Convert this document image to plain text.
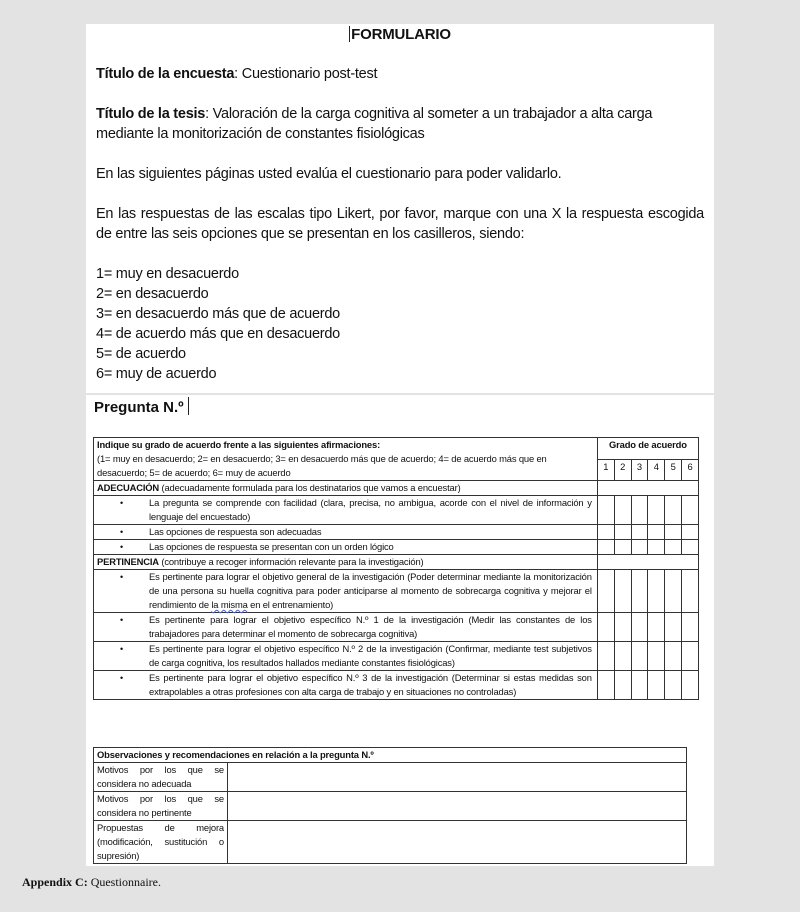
FORMULARIO
Título de la encuesta: Cuestionario post-test
Título de la tesis: Valoración de la carga cognitiva al someter a un trabajador a alta carga mediante la monitorización de constantes fisiológicas
En las siguientes páginas usted evalúa el cuestionario para poder validarlo.
En las respuestas de las escalas tipo Likert, por favor, marque con una X la respuesta escogida de entre las seis opciones que se presentan en los casilleros, siendo:
1= muy en desacuerdo
2= en desacuerdo
3= en desacuerdo más que de acuerdo
4= de acuerdo más que en desacuerdo
5= de acuerdo
6= muy de acuerdo
Pregunta N.º
Indique su grado de acuerdo frente a las siguientes afirmaciones:
(1= muy en desacuerdo; 2= en desacuerdo; 3= en desacuerdo más que de acuerdo; 4= de acuerdo más que en desacuerdo; 5= de acuerdo; 6= muy de acuerdo	Grado de acuerdo					
	1	2	3	4	5	6
ADECUACIÓN (adecuadamente formulada para los destinatarios que vamos a encuestar)						

• La pregunta se comprende con facilidad (clara, precisa, no ambigua, acorde con el nivel de información y lenguaje del encuestado)						

• Las opciones de respuesta son adecuadas						

• Las opciones de respuesta se presentan con un orden lógico						

PERTINENCIA (contribuye a recoger información relevante para la investigación)						

• Es pertinente para lograr el objetivo general de la investigación (Poder determinar mediante la monitorización de una persona su huella cognitiva para poder anticiparse al momento de sobrecarga cognitiva y mejorar el rendimiento de la misma en el entrenamiento)						

• Es pertinente para lograr el objetivo específico N.º 1 de la investigación (Medir las constantes de los trabajadores para determinar el momento de sobrecarga cognitiva)						

• Es pertinente para lograr el objetivo específico N.º 2 de la investigación (Confirmar, mediante test subjetivos de carga cognitiva, los resultados hallados mediante constantes fisiológicas)						

• Es pertinente para lograr el objetivo específico N.º 3 de la investigación (Determinar si estas medidas son extrapolables a otras profesiones con alta carga de trabajo y en situaciones no controladas)						

Observaciones y recomendaciones en relación a la pregunta N.º	
Motivos por los que se considera no adecuada	
Motivos por los que se considera no pertinente	
Propuestas de mejora (modificación, sustitución o supresión)	
Appendix C: Questionnaire.
